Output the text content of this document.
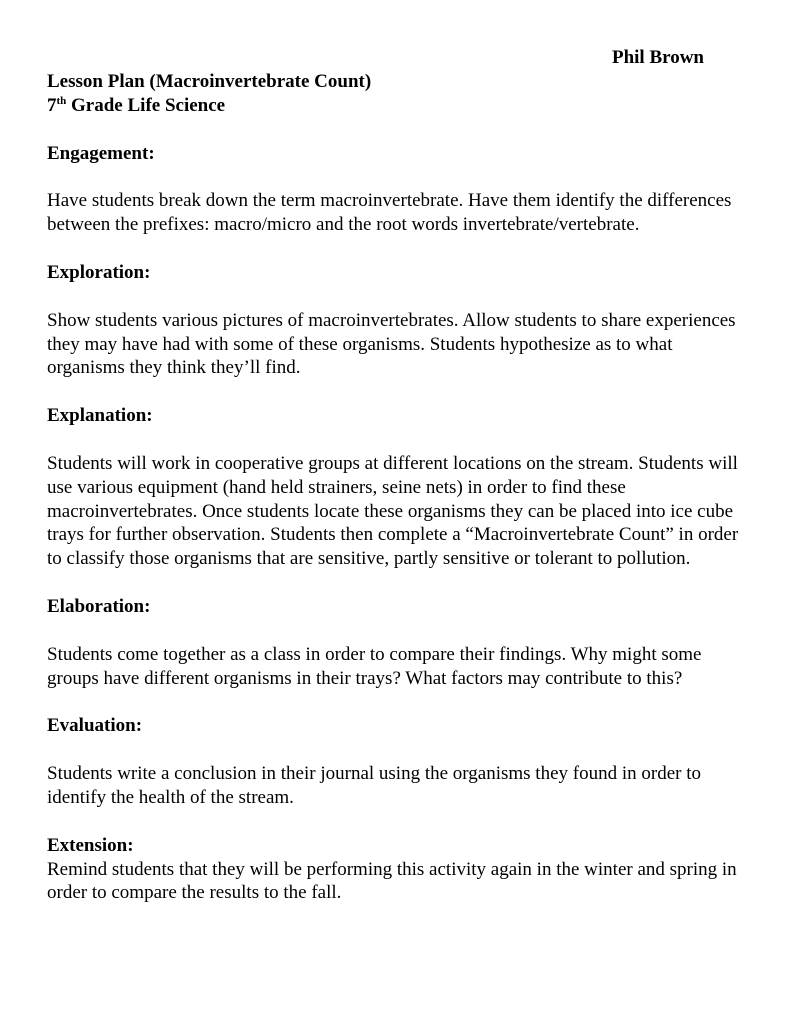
Phil Brown
Lesson Plan (Macroinvertebrate Count)
7th Grade Life Science
Engagement:

Have students break down the term macroinvertebrate. Have them identify the differences between the prefixes: macro/micro and the root words invertebrate/vertebrate.

Exploration:

Show students various pictures of macroinvertebrates. Allow students to share experiences they may have had with some of these organisms. Students hypothesize as to what organisms they think they’ll find.

Explanation:

Students will work in cooperative groups at different locations on the stream. Students will use various equipment (hand held strainers, seine nets) in order to find these macroinvertebrates. Once students locate these organisms they can be placed into ice cube trays for further observation. Students then complete a “Macroinvertebrate Count” in order to classify those organisms that are sensitive, partly sensitive or tolerant to pollution.

Elaboration:

Students come together as a class in order to compare their findings. Why might some groups have different organisms in their trays? What factors may contribute to this?

Evaluation:

Students write a conclusion in their journal using the organisms they found in order to identify the health of the stream.

Extension:

Remind students that they will be performing this activity again in the winter and spring in order to compare the results to the fall.
